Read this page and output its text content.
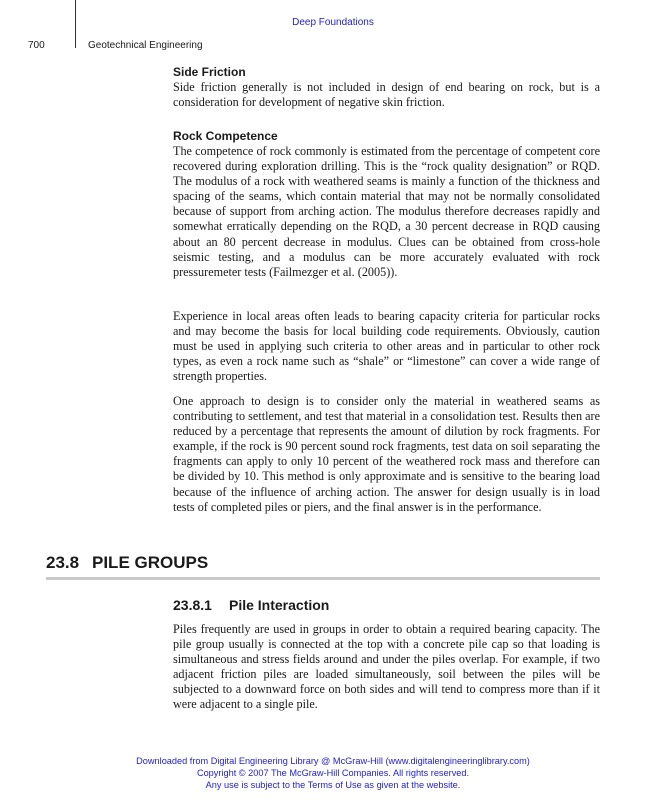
Deep Foundations
700	Geotechnical Engineering
Side Friction

Side friction generally is not included in design of end bearing on rock, but is a consideration for development of negative skin friction.

Rock Competence

The competence of rock commonly is estimated from the percentage of competent core recovered during exploration drilling. This is the “rock quality designation” or RQD. The modulus of a rock with weathered seams is mainly a function of the thickness and spacing of the seams, which contain material that may not be normally consolidated because of support from arching action. The modulus therefore decreases rapidly and somewhat erratically depending on the RQD, a 30 percent decrease in RQD causing about an 80 percent decrease in modulus. Clues can be obtained from cross-hole seismic testing, and a modulus can be more accurately evaluated with rock pressuremeter tests (Failmezger et al. (2005)).

Experience in local areas often leads to bearing capacity criteria for particular rocks and may become the basis for local building code requirements. Obviously, caution must be used in applying such criteria to other areas and in particular to other rock types, as even a rock name such as “shale” or “limestone” can cover a wide range of strength properties.

One approach to design is to consider only the material in weathered seams as contributing to settlement, and test that material in a consolidation test. Results then are reduced by a percentage that represents the amount of dilution by rock fragments. For example, if the rock is 90 percent sound rock fragments, test data on soil separating the fragments can apply to only 10 percent of the weathered rock mass and therefore can be divided by 10. This method is only approximate and is sensitive to the bearing load because of the influence of arching action. The answer for design usually is in load tests of completed piles or piers, and the final answer is in the performance.

23.8 PILE GROUPS
23.8.1 Pile Interaction

Piles frequently are used in groups in order to obtain a required bearing capacity. The pile group usually is connected at the top with a concrete pile cap so that loading is simultaneous and stress fields around and under the piles overlap. For example, if two adjacent friction piles are loaded simultaneously, soil between the piles will be subjected to a downward force on both sides and will tend to compress more than if it were adjacent to a single pile.

Downloaded from Digital Engineering Library @ McGraw-Hill (www.digitalengineeringlibrary.com)
Copyright © 2007 The McGraw-Hill Companies. All rights reserved.
Any use is subject to the Terms of Use as given at the website.
